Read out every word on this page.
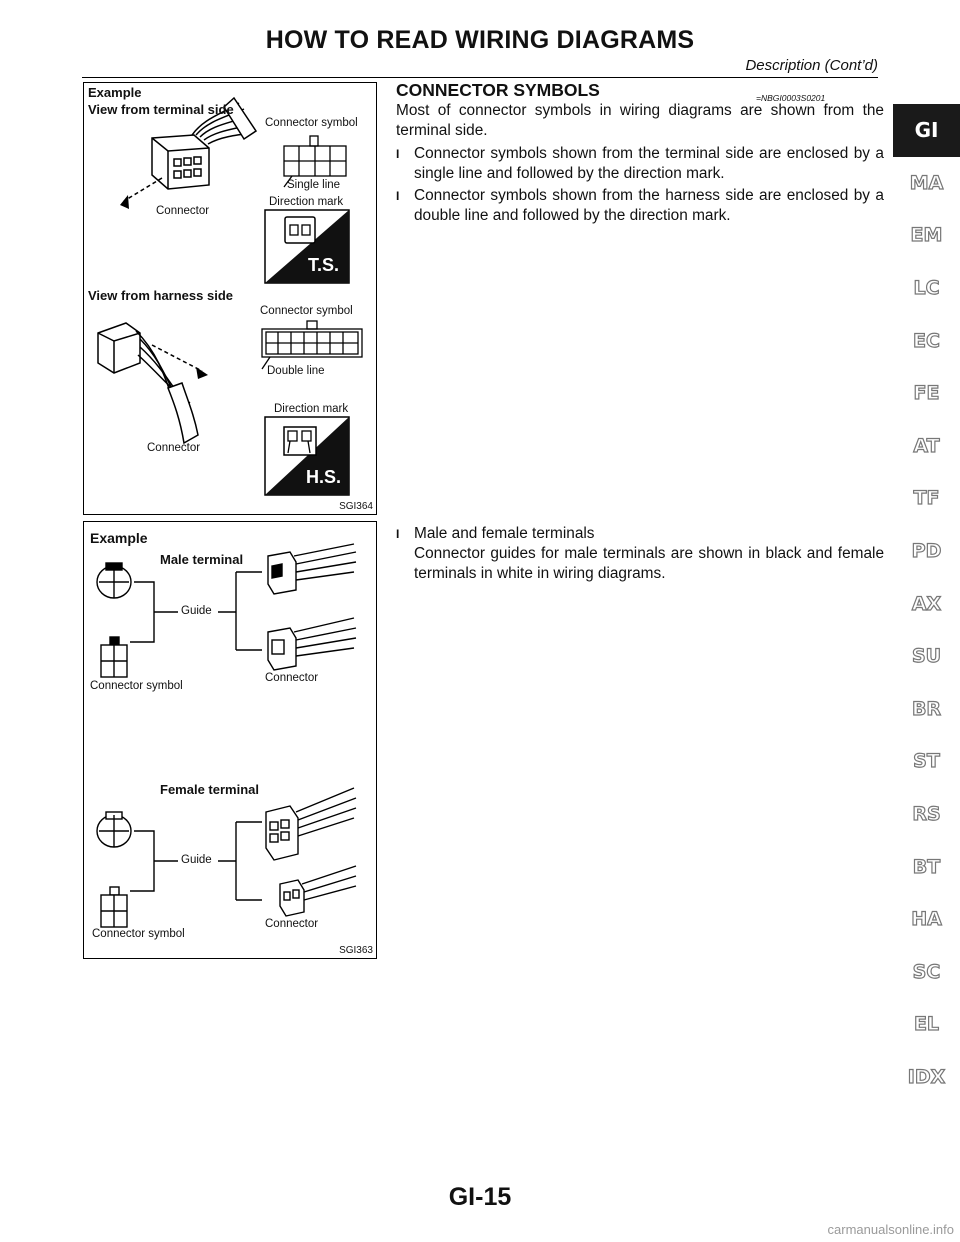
HOW TO READ WIRING DIAGRAMS
Description (Cont’d)
Example
View from terminal side
Connector symbol
Single line
Connector
Direction mark
T.S.
View from harness side
Connector symbol
Double line
Direction mark
Connector
H.S.
SGI364
Example
Male terminal
Guide
Connector symbol
Connector
Female terminal
Guide
Connector symbol
Connector
SGI363
CONNECTOR SYMBOLS	=NBGI0003S0201
Most of connector symbols in wiring diagrams are shown from the terminal side.
I Connector symbols shown from the terminal side are enclosed by a single line and followed by the direction mark.
I Connector symbols shown from the harness side are enclosed by a double line and followed by the direction mark.
I Male and female terminals
Connector guides for male terminals are shown in black and female terminals in white in wiring diagrams.
GI
MA
EM
LC
EC
FE
AT
TF
PD
AX
SU
BR
ST
RS
BT
HA
SC
EL
IDX
GI-15
carmanualsonline.info
